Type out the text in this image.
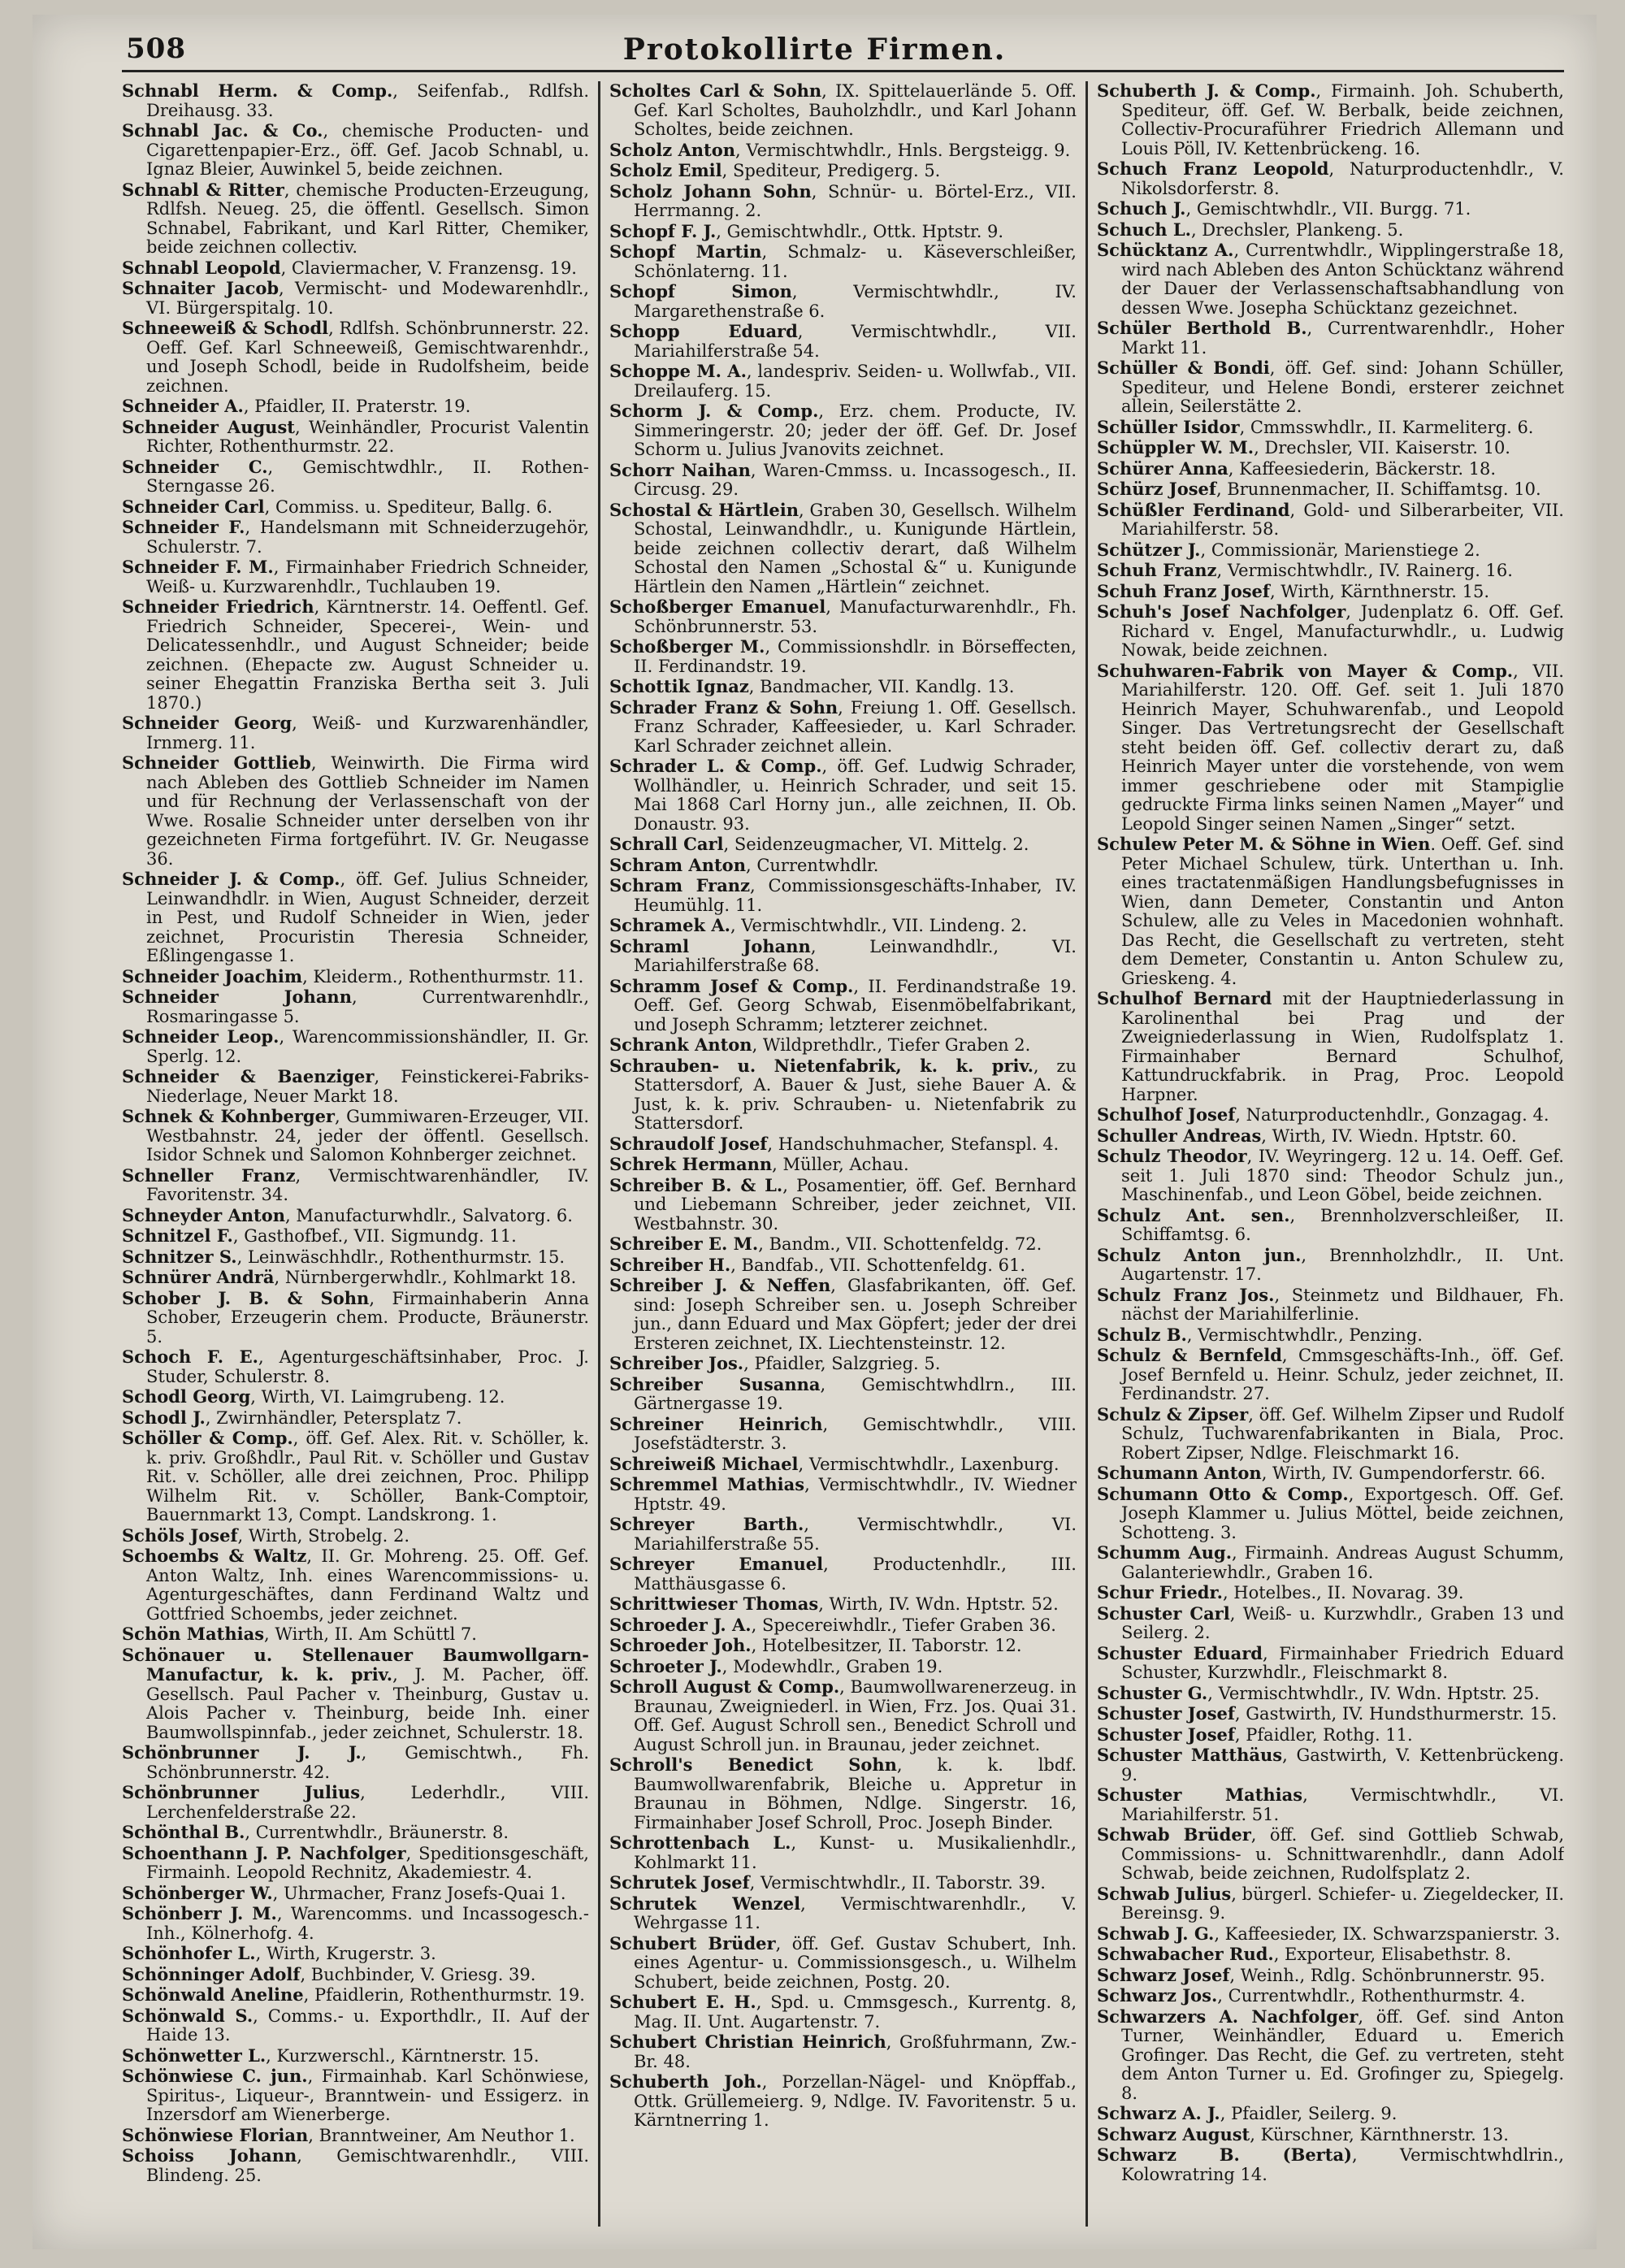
508	Protokollirte Firmen.
Schnabl Herm. & Comp., Seifenfab., Rdlfsh. Dreihausg. 33.
Schnabl Jac. & Co., chemische Producten- und Cigarettenpapier-Erz., öff. Gef. Jacob Schnabl, u. Ignaz Bleier, Auwinkel 5, beide zeichnen.
Schnabl & Ritter, chemische Producten-Erzeugung, Rdlfsh. Neueg. 25, die öffentl. Gesellsch. Simon Schnabel, Fabrikant, und Karl Ritter, Chemiker, beide zeichnen collectiv.
Schnabl Leopold, Claviermacher, V. Franzensg. 19.
Schnaiter Jacob, Vermischt- und Modewarenhdlr., VI. Bürgerspitalg. 10.
Schneeweiß & Schodl, Rdlfsh. Schönbrunnerstr. 22. Oeff. Gef. Karl Schneeweiß, Gemischtwarenhdr., und Joseph Schodl, beide in Rudolfsheim, beide zeichnen.
Schneider A., Pfaidler, II. Praterstr. 19.
Schneider August, Weinhändler, Procurist Valentin Richter, Rothenthurmstr. 22.
Schneider C., Gemischtwdhlr., II. Rothen-Sterngasse 26.
Schneider Carl, Commiss. u. Spediteur, Ballg. 6.
Schneider F., Handelsmann mit Schneiderzugehör, Schulerstr. 7.
Schneider F. M., Firmainhaber Friedrich Schneider, Weiß- u. Kurzwarenhdlr., Tuchlauben 19.
Schneider Friedrich, Kärntnerstr. 14. Oeffentl. Gef. Friedrich Schneider, Specerei-, Wein- und Delicatessenhdlr., und August Schneider; beide zeichnen. (Ehepacte zw. August Schneider u. seiner Ehegattin Franziska Bertha seit 3. Juli 1870.)
Schneider Georg, Weiß- und Kurzwarenhändler, Irnmerg. 11.
Schneider Gottlieb, Weinwirth. Die Firma wird nach Ableben des Gottlieb Schneider im Namen und für Rechnung der Verlassenschaft von der Wwe. Rosalie Schneider unter derselben von ihr gezeichneten Firma fortgeführt. IV. Gr. Neugasse 36.
Schneider J. & Comp., öff. Gef. Julius Schneider, Leinwandhdlr. in Wien, August Schneider, derzeit in Pest, und Rudolf Schneider in Wien, jeder zeichnet, Procuristin Theresia Schneider, Eßlingengasse 1.
Schneider Joachim, Kleiderm., Rothenthurmstr. 11.
Schneider Johann, Currentwarenhdlr., Rosmaringasse 5.
Schneider Leop., Warencommissionshändler, II. Gr. Sperlg. 12.
Schneider & Baenziger, Feinstickerei-Fabriks-Niederlage, Neuer Markt 18.
Schnek & Kohnberger, Gummiwaren-Erzeuger, VII. Westbahnstr. 24, jeder der öffentl. Gesellsch. Isidor Schnek und Salomon Kohnberger zeichnet.
Schneller Franz, Vermischtwarenhändler, IV. Favoritenstr. 34.
Schneyder Anton, Manufacturwhdlr., Salvatorg. 6.
Schnitzel F., Gasthofbef., VII. Sigmundg. 11.
Schnitzer S., Leinwäschhdlr., Rothenthurmstr. 15.
Schnürer Andrä, Nürnbergerwhdlr., Kohlmarkt 18.
Schober J. B. & Sohn, Firmainhaberin Anna Schober, Erzeugerin chem. Producte, Bräunerstr. 5.
Schoch F. E., Agenturgeschäftsinhaber, Proc. J. Studer, Schulerstr. 8.
Schodl Georg, Wirth, VI. Laimgrubeng. 12.
Schodl J., Zwirnhändler, Petersplatz 7.
Schöller & Comp., öff. Gef. Alex. Rit. v. Schöller, k. k. priv. Großhdlr., Paul Rit. v. Schöller und Gustav Rit. v. Schöller, alle drei zeichnen, Proc. Philipp Wilhelm Rit. v. Schöller, Bank-Comptoir, Bauernmarkt 13, Compt. Landskrong. 1.
Schöls Josef, Wirth, Strobelg. 2.
Schoembs & Waltz, II. Gr. Mohreng. 25. Off. Gef. Anton Waltz, Inh. eines Warencommissions- u. Agenturgeschäftes, dann Ferdinand Waltz und Gottfried Schoembs, jeder zeichnet.
Schön Mathias, Wirth, II. Am Schüttl 7.
Schönauer u. Stellenauer Baumwollgarn-Manufactur, k. k. priv., J. M. Pacher, öff. Gesellsch. Paul Pacher v. Theinburg, Gustav u. Alois Pacher v. Theinburg, beide Inh. einer Baumwollspinnfab., jeder zeichnet, Schulerstr. 18.
Schönbrunner J. J., Gemischtwh., Fh. Schönbrunnerstr. 42.
Schönbrunner Julius, Lederhdlr., VIII. Lerchenfelderstraße 22.
Schönthal B., Currentwhdlr., Bräunerstr. 8.
Schoenthann J. P. Nachfolger, Speditionsgeschäft, Firmainh. Leopold Rechnitz, Akademiestr. 4.
Schönberger W., Uhrmacher, Franz Josefs-Quai 1.
Schönberr J. M., Warencomms. und Incassogesch.-Inh., Kölnerhofg. 4.
Schönhofer L., Wirth, Krugerstr. 3.
Schönninger Adolf, Buchbinder, V. Griesg. 39.
Schönwald Aneline, Pfaidlerin, Rothenthurmstr. 19.
Schönwald S., Comms.- u. Exporthdlr., II. Auf der Haide 13.
Schönwetter L., Kurzwerschl., Kärntnerstr. 15.
Schönwiese C. jun., Firmainhab. Karl Schönwiese, Spiritus-, Liqueur-, Branntwein- und Essigerz. in Inzersdorf am Wienerberge.
Schönwiese Florian, Branntweiner, Am Neuthor 1.
Schoiss Johann, Gemischtwarenhdlr., VIII. Blindeng. 25.
Scholtes Carl & Sohn, IX. Spittelauerlände 5. Off. Gef. Karl Scholtes, Bauholzhdlr., und Karl Johann Scholtes, beide zeichnen.
Scholz Anton, Vermischtwhdlr., Hnls. Bergsteigg. 9.
Scholz Emil, Spediteur, Predigerg. 5.
Scholz Johann Sohn, Schnür- u. Börtel-Erz., VII. Herrmanng. 2.
Schopf F. J., Gemischtwhdlr., Ottk. Hptstr. 9.
Schopf Martin, Schmalz- u. Käseverschleißer, Schönlaterng. 11.
Schopf Simon, Vermischtwhdlr., IV. Margarethenstraße 6.
Schopp Eduard, Vermischtwhdlr., VII. Mariahilferstraße 54.
Schoppe M. A., landespriv. Seiden- u. Wollwfab., VII. Dreilauferg. 15.
Schorm J. & Comp., Erz. chem. Producte, IV. Simmeringerstr. 20; jeder der öff. Gef. Dr. Josef Schorm u. Julius Jvanovits zeichnet.
Schorr Naihan, Waren-Cmmss. u. Incassogesch., II. Circusg. 29.
Schostal & Härtlein, Graben 30, Gesellsch. Wilhelm Schostal, Leinwandhdlr., u. Kunigunde Härtlein, beide zeichnen collectiv derart, daß Wilhelm Schostal den Namen „Schostal &“ u. Kunigunde Härtlein den Namen „Härtlein“ zeichnet.
Schoßberger Emanuel, Manufacturwarenhdlr., Fh. Schönbrunnerstr. 53.
Schoßberger M., Commissionshdlr. in Börseffecten, II. Ferdinandstr. 19.
Schottik Ignaz, Bandmacher, VII. Kandlg. 13.
Schrader Franz & Sohn, Freiung 1. Off. Gesellsch. Franz Schrader, Kaffeesieder, u. Karl Schrader. Karl Schrader zeichnet allein.
Schrader L. & Comp., öff. Gef. Ludwig Schrader, Wollhändler, u. Heinrich Schrader, und seit 15. Mai 1868 Carl Horny jun., alle zeichnen, II. Ob. Donaustr. 93.
Schrall Carl, Seidenzeugmacher, VI. Mittelg. 2.
Schram Anton, Currentwhdlr.
Schram Franz, Commissionsgeschäfts-Inhaber, IV. Heumühlg. 11.
Schramek A., Vermischtwhdlr., VII. Lindeng. 2.
Schraml Johann, Leinwandhdlr., VI. Mariahilferstraße 68.
Schramm Josef & Comp., II. Ferdinandstraße 19. Oeff. Gef. Georg Schwab, Eisenmöbelfabrikant, und Joseph Schramm; letzterer zeichnet.
Schrank Anton, Wildprethdlr., Tiefer Graben 2.
Schrauben- u. Nietenfabrik, k. k. priv., zu Stattersdorf, A. Bauer & Just, siehe Bauer A. & Just, k. k. priv. Schrauben- u. Nietenfabrik zu Stattersdorf.
Schraudolf Josef, Handschuhmacher, Stefanspl. 4.
Schrek Hermann, Müller, Achau.
Schreiber B. & L., Posamentier, öff. Gef. Bernhard und Liebemann Schreiber, jeder zeichnet, VII. Westbahnstr. 30.
Schreiber E. M., Bandm., VII. Schottenfeldg. 72.
Schreiber H., Bandfab., VII. Schottenfeldg. 61.
Schreiber J. & Neffen, Glasfabrikanten, öff. Gef. sind: Joseph Schreiber sen. u. Joseph Schreiber jun., dann Eduard und Max Göpfert; jeder der drei Ersteren zeichnet, IX. Liechtensteinstr. 12.
Schreiber Jos., Pfaidler, Salzgrieg. 5.
Schreiber Susanna, Gemischtwhdlrn., III. Gärtnergasse 19.
Schreiner Heinrich, Gemischtwhdlr., VIII. Josefstädterstr. 3.
Schreiweiß Michael, Vermischtwhdlr., Laxenburg.
Schremmel Mathias, Vermischtwhdlr., IV. Wiedner Hptstr. 49.
Schreyer Barth., Vermischtwhdlr., VI. Mariahilferstraße 55.
Schreyer Emanuel, Productenhdlr., III. Matthäusgasse 6.
Schrittwieser Thomas, Wirth, IV. Wdn. Hptstr. 52.
Schroeder J. A., Specereiwhdlr., Tiefer Graben 36.
Schroeder Joh., Hotelbesitzer, II. Taborstr. 12.
Schroeter J., Modewhdlr., Graben 19.
Schroll August & Comp., Baumwollwarenerzeug. in Braunau, Zweigniederl. in Wien, Frz. Jos. Quai 31. Off. Gef. August Schroll sen., Benedict Schroll und August Schroll jun. in Braunau, jeder zeichnet.
Schroll's Benedict Sohn, k. k. lbdf. Baumwollwarenfabrik, Bleiche u. Appretur in Braunau in Böhmen, Ndlge. Singerstr. 16, Firmainhaber Josef Schroll, Proc. Joseph Binder.
Schrottenbach L., Kunst- u. Musikalienhdlr., Kohlmarkt 11.
Schrutek Josef, Vermischtwhdlr., II. Taborstr. 39.
Schrutek Wenzel, Vermischtwarenhdlr., V. Wehrgasse 11.
Schubert Brüder, öff. Gef. Gustav Schubert, Inh. eines Agentur- u. Commissionsgesch., u. Wilhelm Schubert, beide zeichnen, Postg. 20.
Schubert E. H., Spd. u. Cmmsgesch., Kurrentg. 8, Mag. II. Unt. Augartenstr. 7.
Schubert Christian Heinrich, Großfuhrmann, Zw.-Br. 48.
Schuberth Joh., Porzellan-Nägel- und Knöpffab., Ottk. Grüllemeierg. 9, Ndlge. IV. Favoritenstr. 5 u. Kärntnerring 1.
Schuberth J. & Comp., Firmainh. Joh. Schuberth, Spediteur, öff. Gef. W. Berbalk, beide zeichnen, Collectiv-Procuraführer Friedrich Allemann und Louis Pöll, IV. Kettenbrückeng. 16.
Schuch Franz Leopold, Naturproductenhdlr., V. Nikolsdorferstr. 8.
Schuch J., Gemischtwhdlr., VII. Burgg. 71.
Schuch L., Drechsler, Plankeng. 5.
Schücktanz A., Currentwhdlr., Wipplingerstraße 18, wird nach Ableben des Anton Schücktanz während der Dauer der Verlassenschaftsabhandlung von dessen Wwe. Josepha Schücktanz gezeichnet.
Schüler Berthold B., Currentwarenhdlr., Hoher Markt 11.
Schüller & Bondi, öff. Gef. sind: Johann Schüller, Spediteur, und Helene Bondi, ersterer zeichnet allein, Seilerstätte 2.
Schüller Isidor, Cmmsswhdlr., II. Karmeliterg. 6.
Schüppler W. M., Drechsler, VII. Kaiserstr. 10.
Schürer Anna, Kaffeesiederin, Bäckerstr. 18.
Schürz Josef, Brunnenmacher, II. Schiffamtsg. 10.
Schüßler Ferdinand, Gold- und Silberarbeiter, VII. Mariahilferstr. 58.
Schützer J., Commissionär, Marienstiege 2.
Schuh Franz, Vermischtwhdlr., IV. Rainerg. 16.
Schuh Franz Josef, Wirth, Kärnthnerstr. 15.
Schuh's Josef Nachfolger, Judenplatz 6. Off. Gef. Richard v. Engel, Manufacturwhdlr., u. Ludwig Nowak, beide zeichnen.
Schuhwaren-Fabrik von Mayer & Comp., VII. Mariahilferstr. 120. Off. Gef. seit 1. Juli 1870 Heinrich Mayer, Schuhwarenfab., und Leopold Singer. Das Vertretungsrecht der Gesellschaft steht beiden öff. Gef. collectiv derart zu, daß Heinrich Mayer unter die vorstehende, von wem immer geschriebene oder mit Stampiglie gedruckte Firma links seinen Namen „Mayer“ und Leopold Singer seinen Namen „Singer“ setzt.
Schulew Peter M. & Söhne in Wien. Oeff. Gef. sind Peter Michael Schulew, türk. Unterthan u. Inh. eines tractatenmäßigen Handlungsbefugnisses in Wien, dann Demeter, Constantin und Anton Schulew, alle zu Veles in Macedonien wohnhaft. Das Recht, die Gesellschaft zu vertreten, steht dem Demeter, Constantin u. Anton Schulew zu, Grieskeng. 4.
Schulhof Bernard mit der Hauptniederlassung in Karolinenthal bei Prag und der Zweigniederlassung in Wien, Rudolfsplatz 1. Firmainhaber Bernard Schulhof, Kattundruckfabrik. in Prag, Proc. Leopold Harpner.
Schulhof Josef, Naturproductenhdlr., Gonzagag. 4.
Schuller Andreas, Wirth, IV. Wiedn. Hptstr. 60.
Schulz Theodor, IV. Weyringerg. 12 u. 14. Oeff. Gef. seit 1. Juli 1870 sind: Theodor Schulz jun., Maschinenfab., und Leon Göbel, beide zeichnen.
Schulz Ant. sen., Brennholzverschleißer, II. Schiffamtsg. 6.
Schulz Anton jun., Brennholzhdlr., II. Unt. Augartenstr. 17.
Schulz Franz Jos., Steinmetz und Bildhauer, Fh. nächst der Mariahilferlinie.
Schulz B., Vermischtwhdlr., Penzing.
Schulz & Bernfeld, Cmmsgeschäfts-Inh., öff. Gef. Josef Bernfeld u. Heinr. Schulz, jeder zeichnet, II. Ferdinandstr. 27.
Schulz & Zipser, öff. Gef. Wilhelm Zipser und Rudolf Schulz, Tuchwarenfabrikanten in Biala, Proc. Robert Zipser, Ndlge. Fleischmarkt 16.
Schumann Anton, Wirth, IV. Gumpendorferstr. 66.
Schumann Otto & Comp., Exportgesch. Off. Gef. Joseph Klammer u. Julius Möttel, beide zeichnen, Schotteng. 3.
Schumm Aug., Firmainh. Andreas August Schumm, Galanteriewhdlr., Graben 16.
Schur Friedr., Hotelbes., II. Novarag. 39.
Schuster Carl, Weiß- u. Kurzwhdlr., Graben 13 und Seilerg. 2.
Schuster Eduard, Firmainhaber Friedrich Eduard Schuster, Kurzwhdlr., Fleischmarkt 8.
Schuster G., Vermischtwhdlr., IV. Wdn. Hptstr. 25.
Schuster Josef, Gastwirth, IV. Hundsthurmerstr. 15.
Schuster Josef, Pfaidler, Rothg. 11.
Schuster Matthäus, Gastwirth, V. Kettenbrückeng. 9.
Schuster Mathias, Vermischtwhdlr., VI. Mariahilferstr. 51.
Schwab Brüder, öff. Gef. sind Gottlieb Schwab, Commissions- u. Schnittwarenhdlr., dann Adolf Schwab, beide zeichnen, Rudolfsplatz 2.
Schwab Julius, bürgerl. Schiefer- u. Ziegeldecker, II. Bereinsg. 9.
Schwab J. G., Kaffeesieder, IX. Schwarzspanierstr. 3.
Schwabacher Rud., Exporteur, Elisabethstr. 8.
Schwarz Josef, Weinh., Rdlg. Schönbrunnerstr. 95.
Schwarz Jos., Currentwhdlr., Rothenthurmstr. 4.
Schwarzers A. Nachfolger, öff. Gef. sind Anton Turner, Weinhändler, Eduard u. Emerich Grofinger. Das Recht, die Gef. zu vertreten, steht dem Anton Turner u. Ed. Grofinger zu, Spiegelg. 8.
Schwarz A. J., Pfaidler, Seilerg. 9.
Schwarz August, Kürschner, Kärnthnerstr. 13.
Schwarz B. (Berta), Vermischtwhdlrin., Kolowratring 14.
